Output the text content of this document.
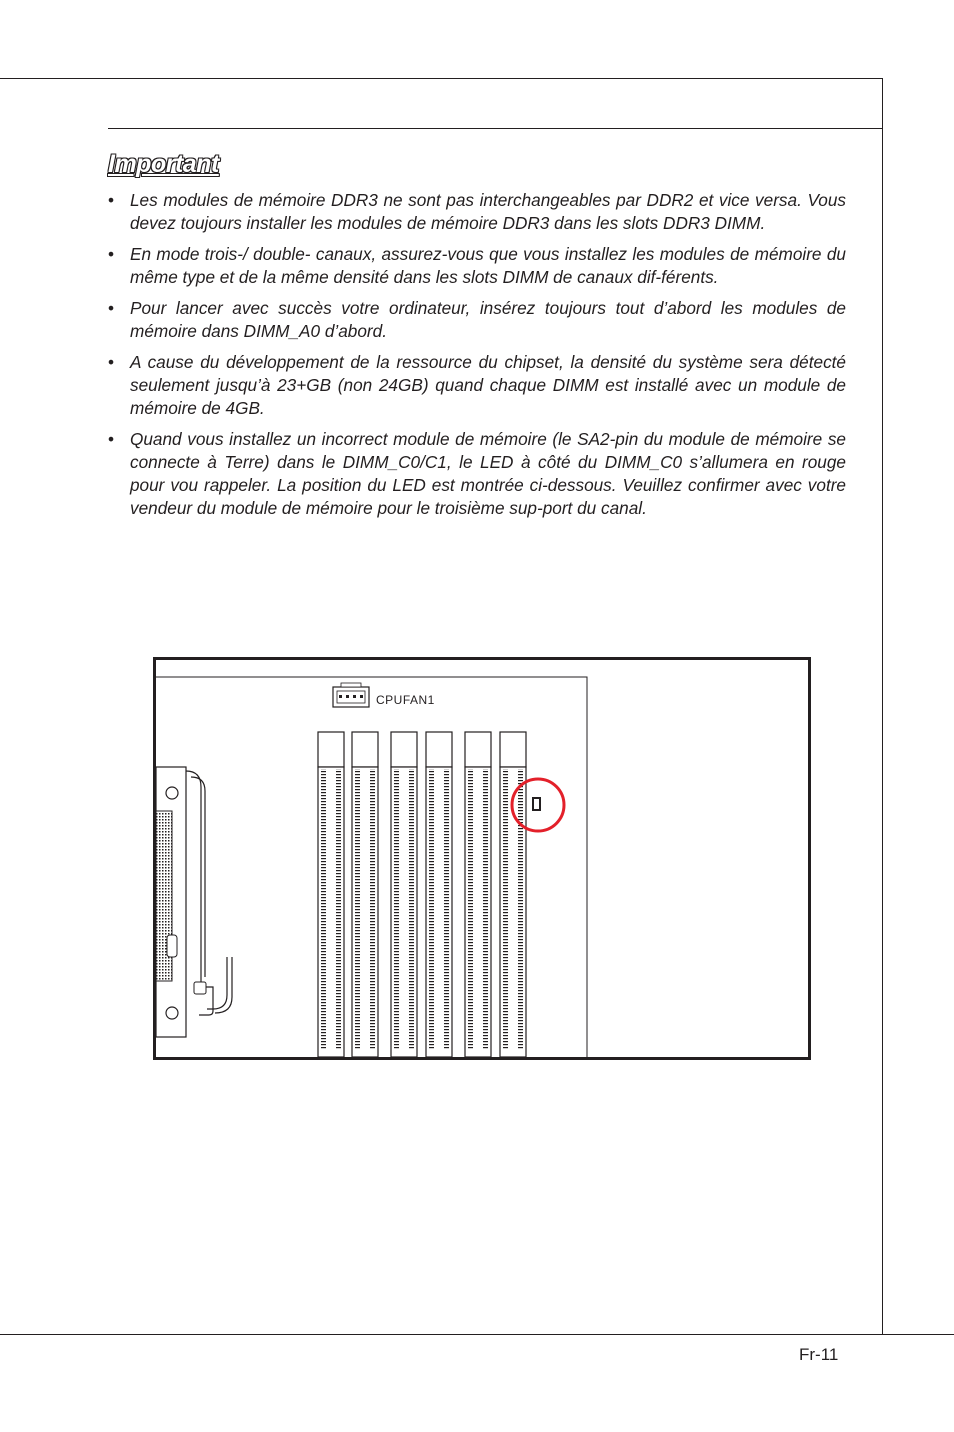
Important
• Les modules de mémoire DDR3 ne sont pas interchangeables par DDR2 et vice versa. Vous devez toujours installer les modules de mémoire DDR3 dans les slots DDR3 DIMM.
• En mode trois-/ double- canaux, assurez-vous que vous installez les modules de mémoire du même type et de la même densité dans les slots DIMM de canaux dif-férents.
• Pour lancer avec succès votre ordinateur, insérez toujours tout d’abord les modules de mémoire dans DIMM_A0 d’abord.
• A cause du développement de la ressource du chipset, la densité du système sera détecté seulement jusqu’à 23+GB (non 24GB) quand chaque DIMM est installé avec un module de mémoire de 4GB.
• Quand vous installez un incorrect module de mémoire (le SA2-pin du module de mémoire se connecte à Terre) dans le DIMM_C0/C1, le LED à côté du DIMM_C0 s’allumera en rouge pour vou rappeler. La position du LED est montrée ci-dessous. Veuillez confirmer avec votre vendeur du module de mémoire pour le troisième sup-port du canal.
CPUFAN1
Fr-11
